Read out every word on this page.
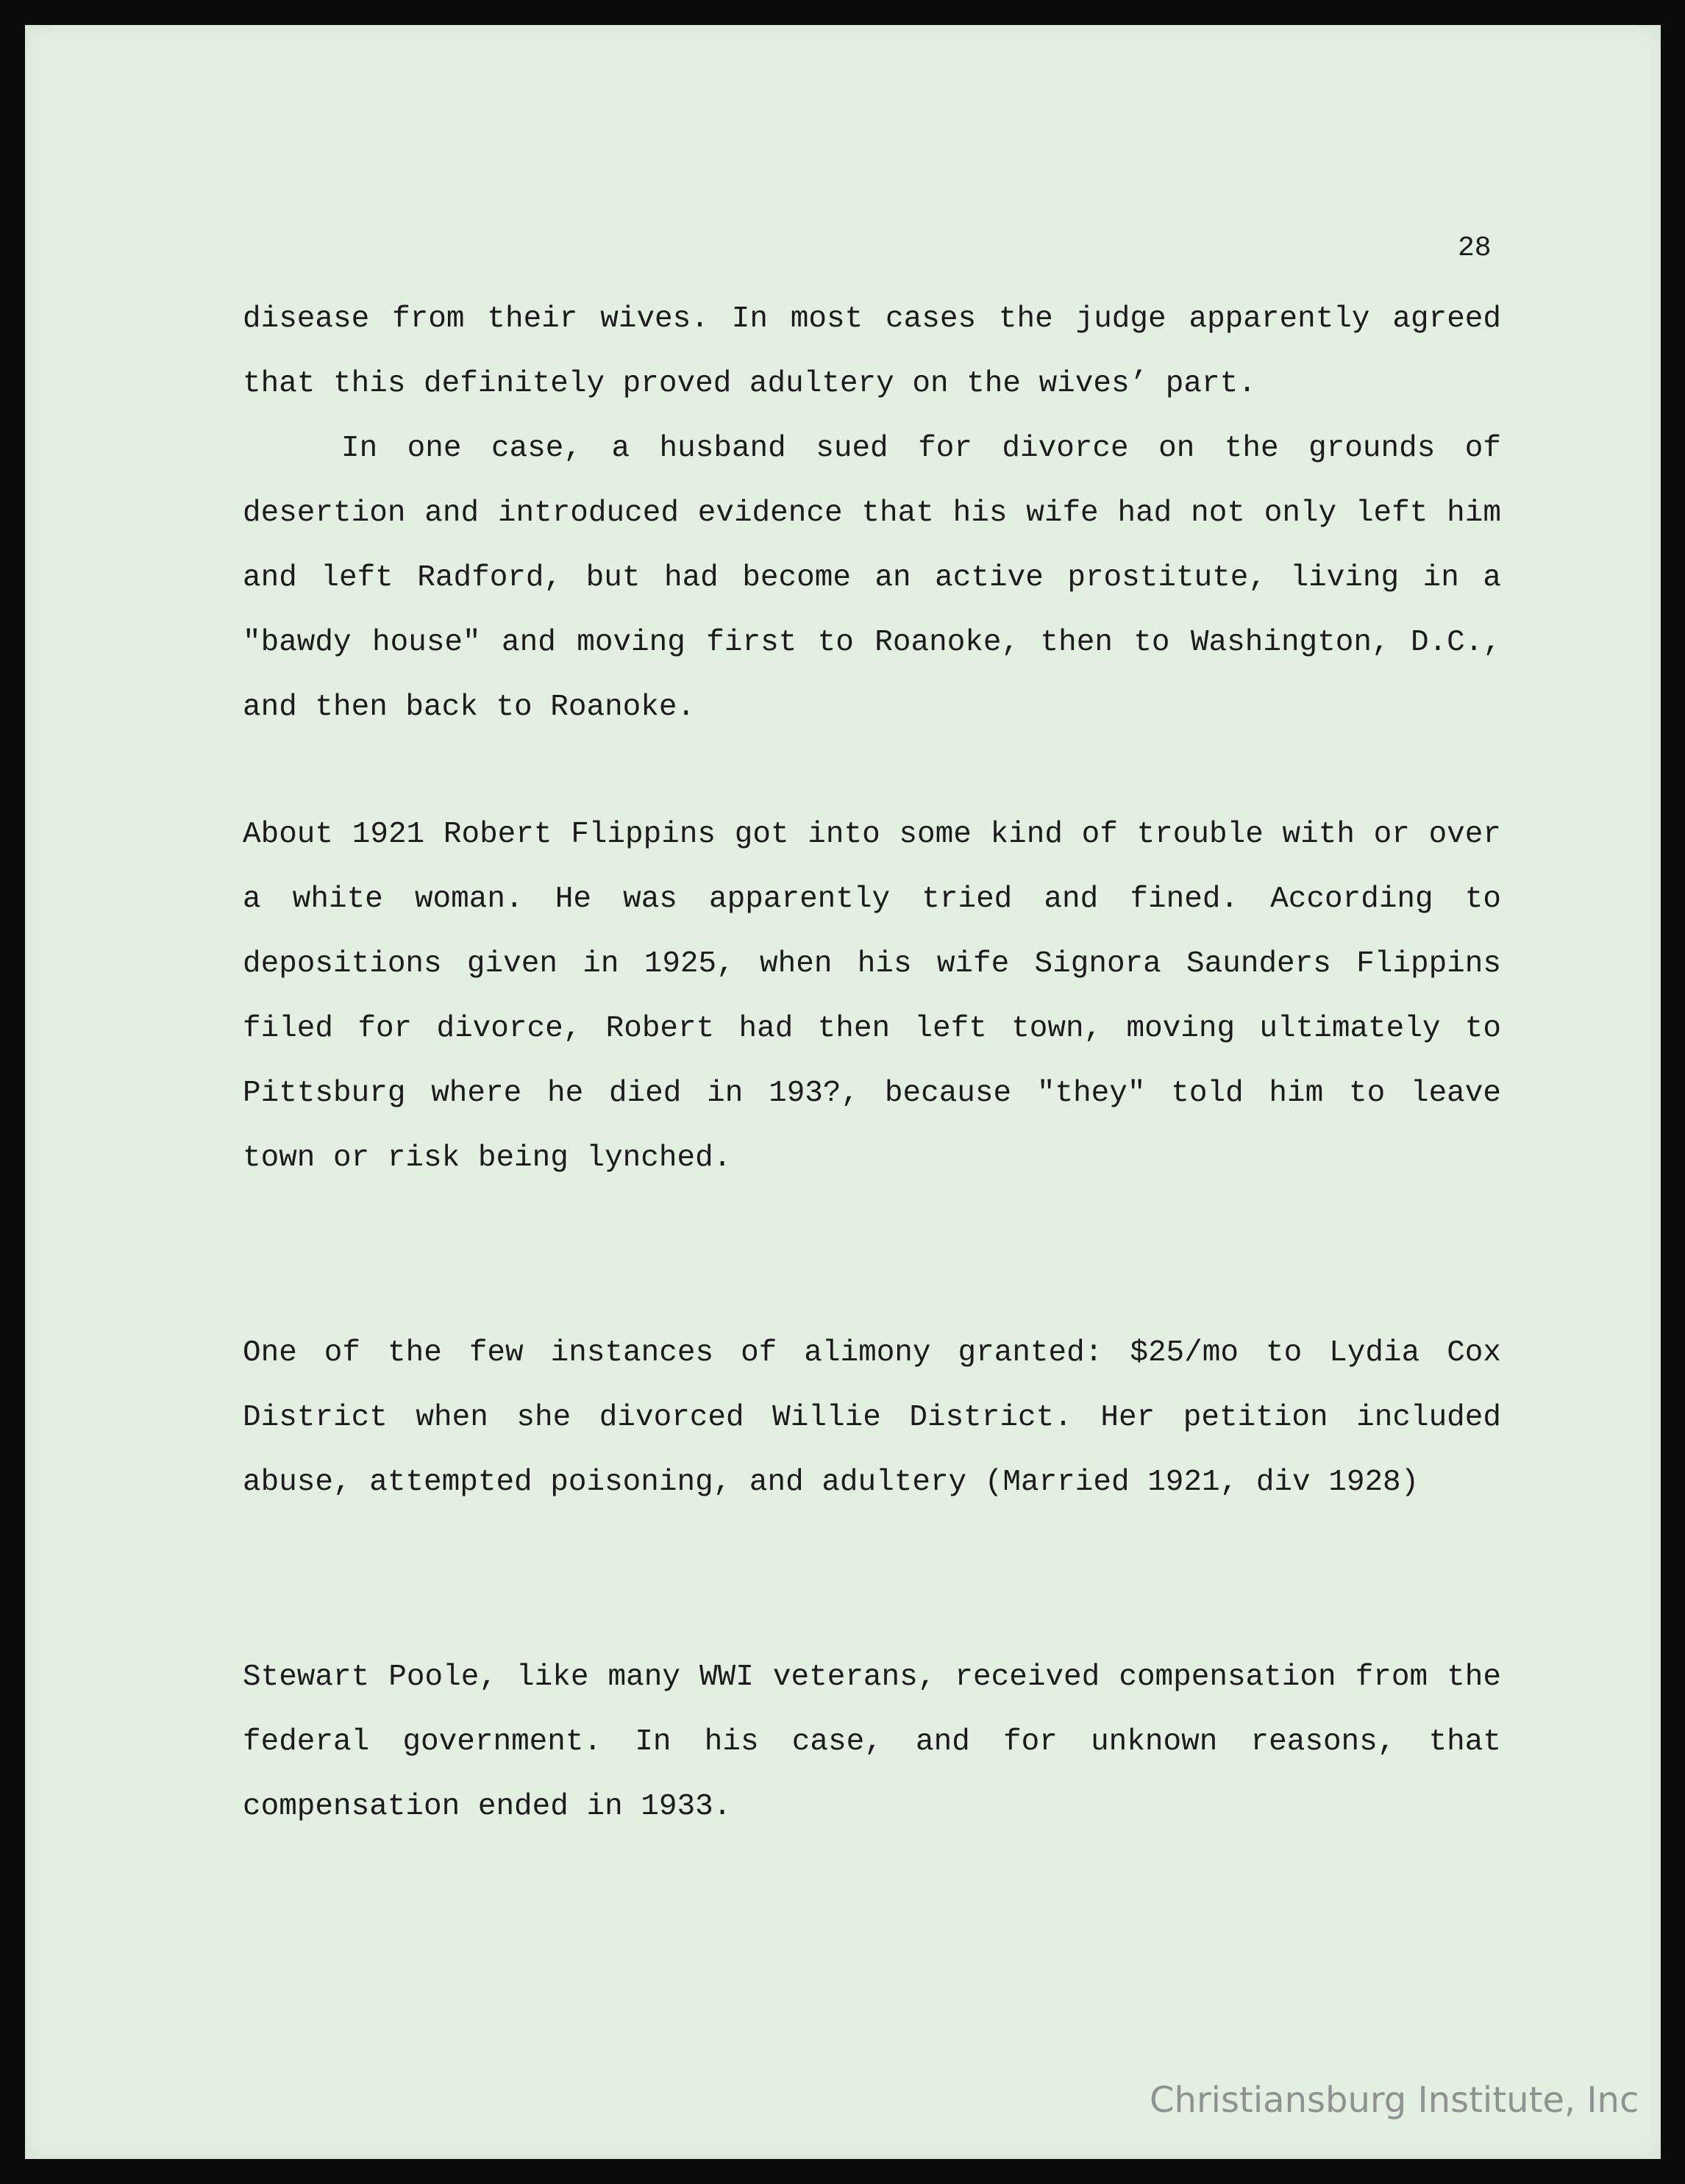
28

disease from their wives. In most cases the judge apparently agreed that this definitely proved adultery on the wives’ part.

In one case, a husband sued for divorce on the grounds of desertion and introduced evidence that his wife had not only left him and left Radford, but had become an active prostitute, living in a "bawdy house" and moving first to Roanoke, then to Washington, D.C., and then back to Roanoke.

About 1921 Robert Flippins got into some kind of trouble with or over a white woman. He was apparently tried and fined. According to depositions given in 1925, when his wife Signora Saunders Flippins filed for divorce, Robert had then left town, moving ultimately to Pittsburg where he died in 193?, because "they" told him to leave town or risk being lynched.

One of the few instances of alimony granted: $25/mo to Lydia Cox District when she divorced Willie District. Her petition included abuse, attempted poisoning, and adultery (Married 1921, div 1928)

Stewart Poole, like many WWI veterans, received compensation from the federal government. In his case, and for unknown reasons, that compensation ended in 1933.

Christiansburg Institute, Inc
